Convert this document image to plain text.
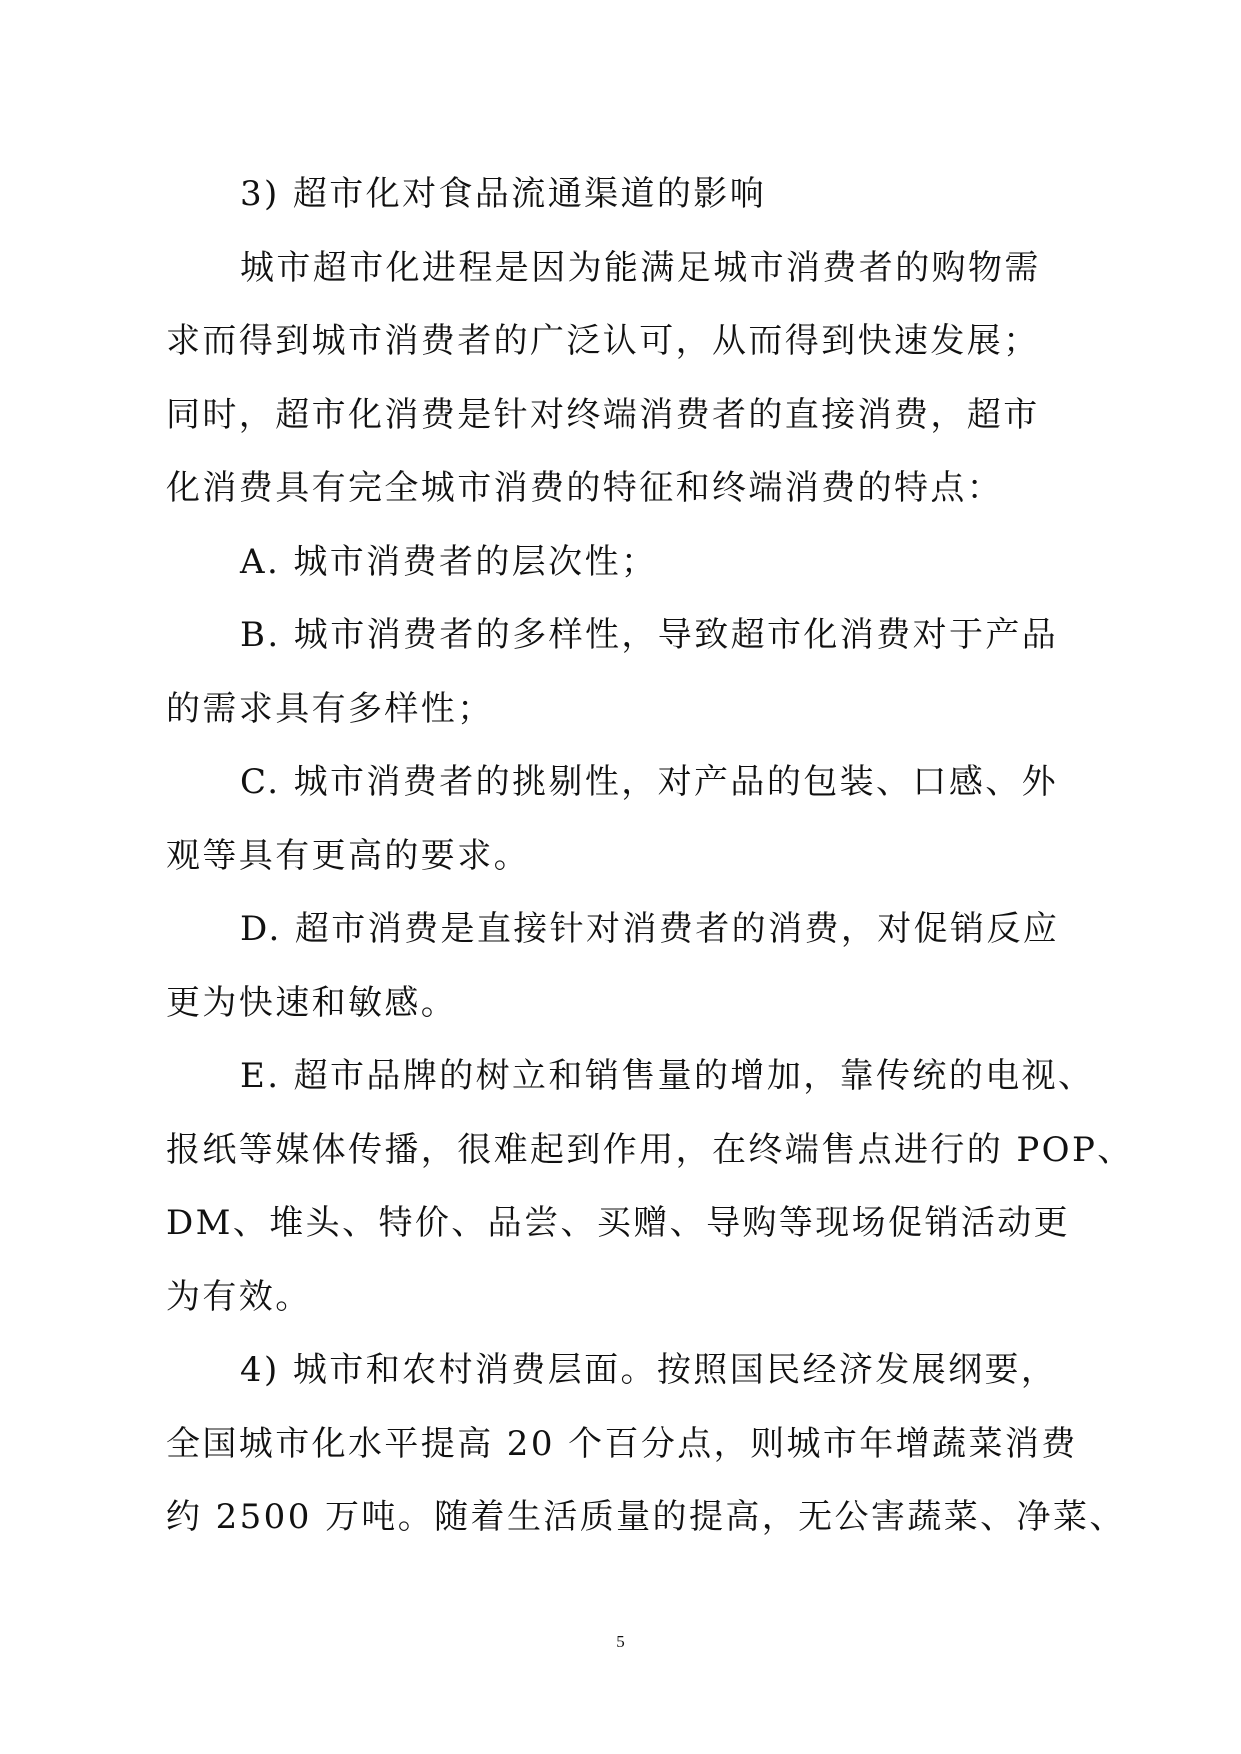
3) 超市化对食品流通渠道的影响
城市超市化进程是因为能满足城市消费者的购物需
求而得到城市消费者的广泛认可，从而得到快速发展；
同时，超市化消费是针对终端消费者的直接消费，超市
化消费具有完全城市消费的特征和终端消费的特点：
A. 城市消费者的层次性；
B. 城市消费者的多样性，导致超市化消费对于产品
的需求具有多样性；
C. 城市消费者的挑剔性，对产品的包装、口感、外
观等具有更高的要求。
D. 超市消费是直接针对消费者的消费，对促销反应
更为快速和敏感。
E. 超市品牌的树立和销售量的增加，靠传统的电视、
报纸等媒体传播，很难起到作用，在终端售点进行的 POP、
DM、堆头、特价、品尝、买赠、导购等现场促销活动更
为有效。
4) 城市和农村消费层面。按照国民经济发展纲要，
全国城市化水平提高 20 个百分点，则城市年增蔬菜消费
约 2500 万吨。随着生活质量的提高，无公害蔬菜、净菜、
5
